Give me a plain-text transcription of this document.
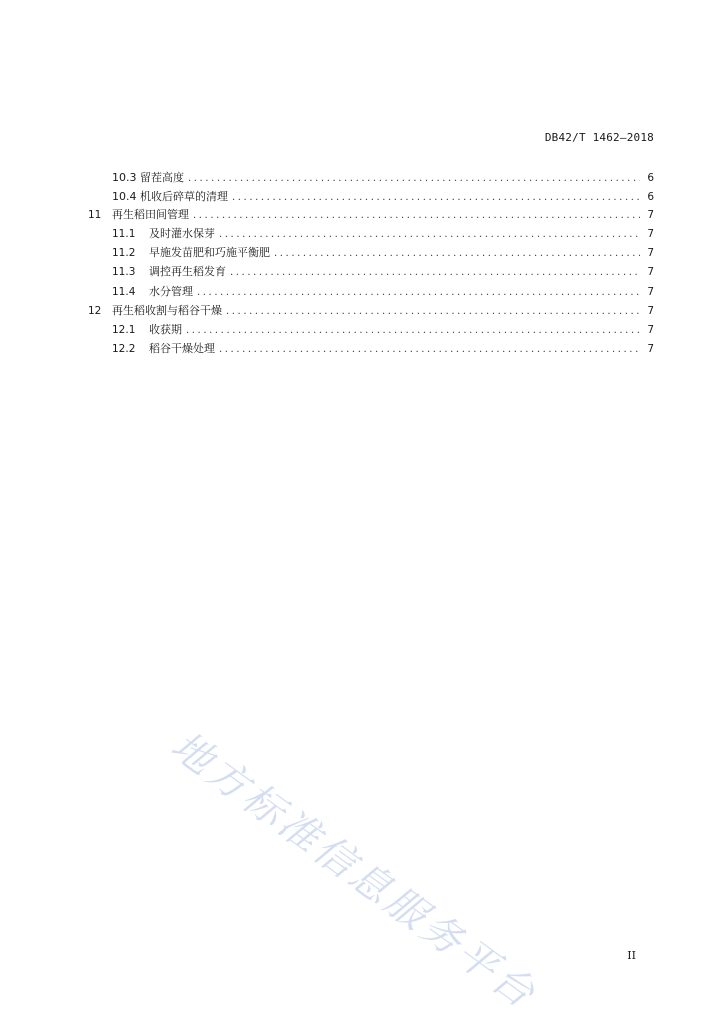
DB42/T 1462—2018
10.3 留茬高度 .....	6
10.4 机收后碎草的清理 .....	6
11 再生稻田间管理 .....	7
11.1 及时灌水保芽 .....	7
11.2 早施发苗肥和巧施平衡肥 .....	7
11.3 调控再生稻发育 .....	7
11.4 水分管理 .....	7
12 再生稻收割与稻谷干燥 .....	7
12.1 收获期 .....	7
12.2 稻谷干燥处理 .....	7
地方标准信息服务平台	II
